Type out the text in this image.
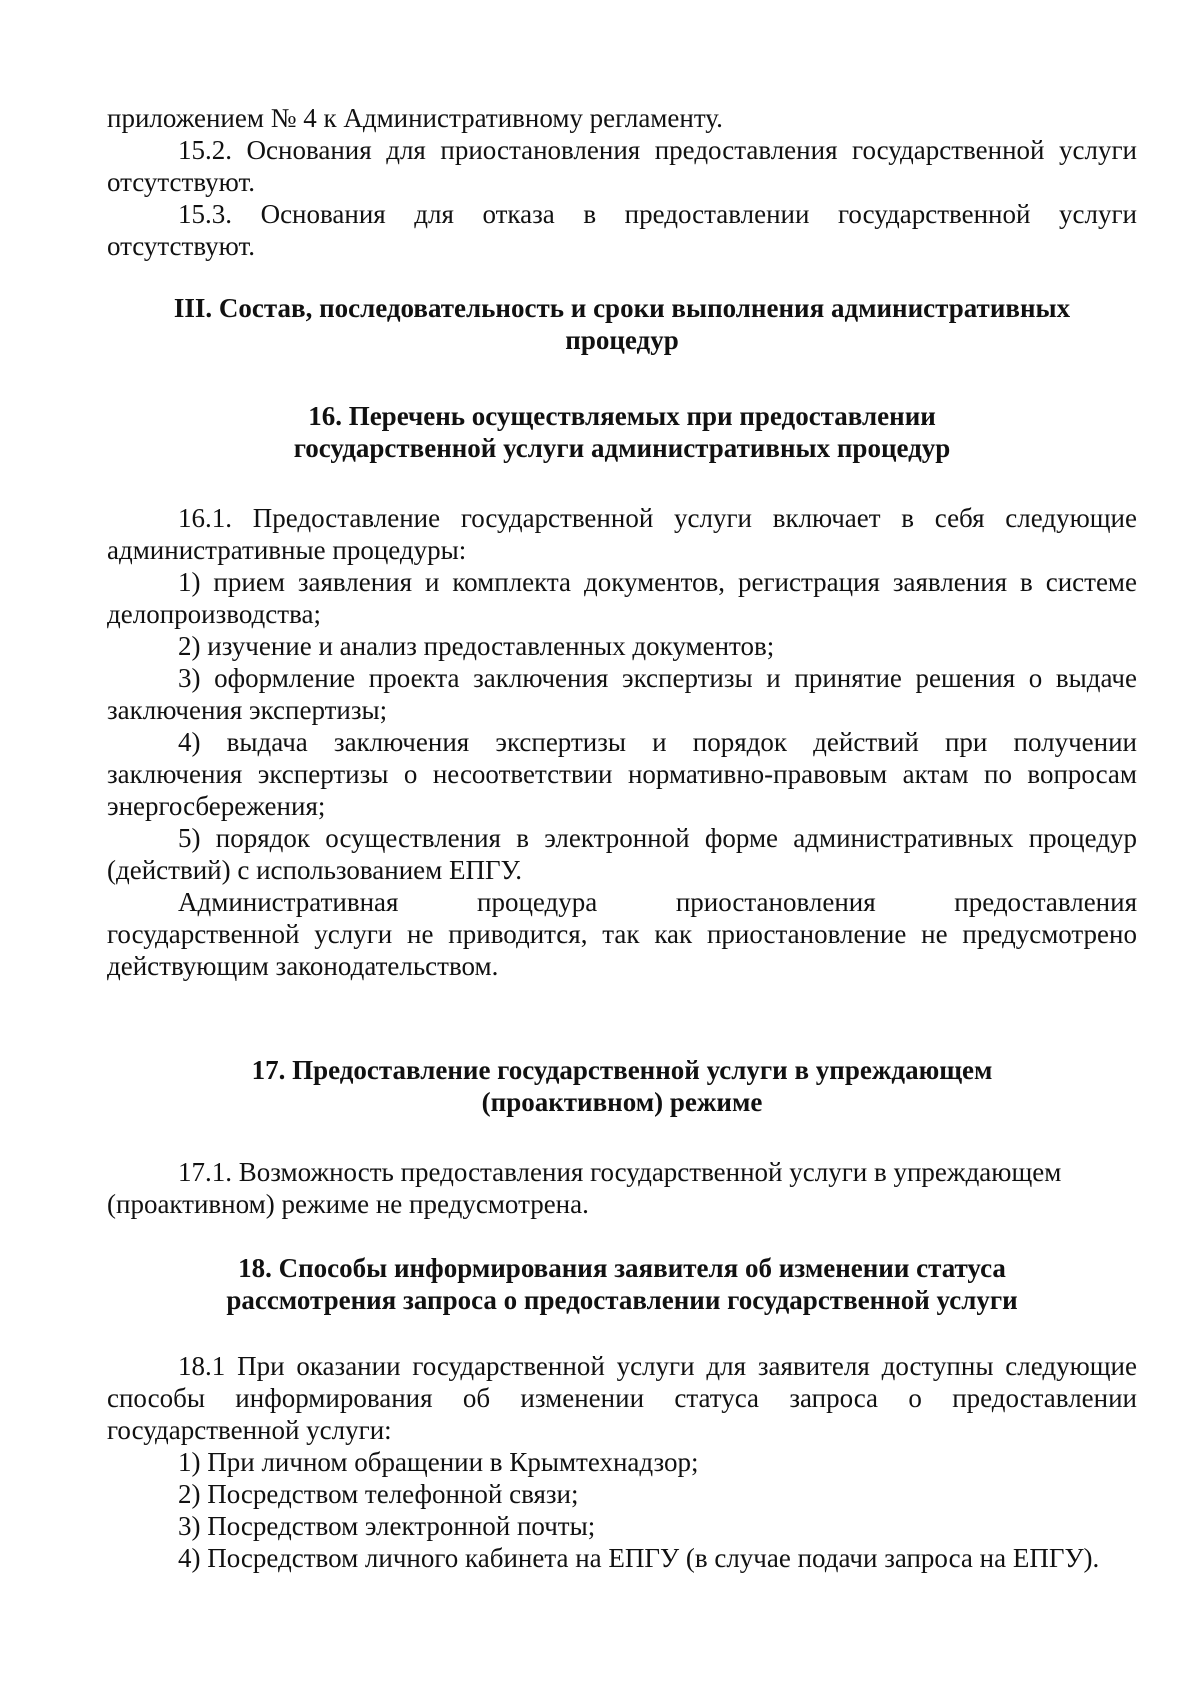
приложением № 4 к Административному регламенту.
15.2. Основания для приостановления предоставления государственной услуги
отсутствуют.
15.3. Основания для отказа в предоставлении государственной услуги
отсутствуют.
III. Состав, последовательность и сроки выполнения административных
процедур
16. Перечень осуществляемых при предоставлении
государственной услуги административных процедур
16.1. Предоставление государственной услуги включает в себя следующие
административные процедуры:
1) прием заявления и комплекта документов, регистрация заявления в системе
делопроизводства;
2) изучение и анализ предоставленных документов;
3) оформление проекта заключения экспертизы и принятие решения о выдаче
заключения экспертизы;
4) выдача заключения экспертизы и порядок действий при получении
заключения экспертизы о несоответствии нормативно-правовым актам по вопросам
энергосбережения;
5) порядок осуществления в электронной форме административных процедур
(действий) с использованием ЕПГУ.
Административная процедура приостановления предоставления
государственной услуги не приводится, так как приостановление не предусмотрено
действующим законодательством.
17. Предоставление государственной услуги в упреждающем
(проактивном) режиме
17.1. Возможность предоставления государственной услуги в упреждающем
(проактивном) режиме не предусмотрена.
18. Способы информирования заявителя об изменении статуса
рассмотрения запроса о предоставлении государственной услуги
18.1 При оказании государственной услуги для заявителя доступны следующие
способы информирования об изменении статуса запроса о предоставлении
государственной услуги:
1) При личном обращении в Крымтехнадзор;
2) Посредством телефонной связи;
3) Посредством электронной почты;
4) Посредством личного кабинета на ЕПГУ (в случае подачи запроса на ЕПГУ).
